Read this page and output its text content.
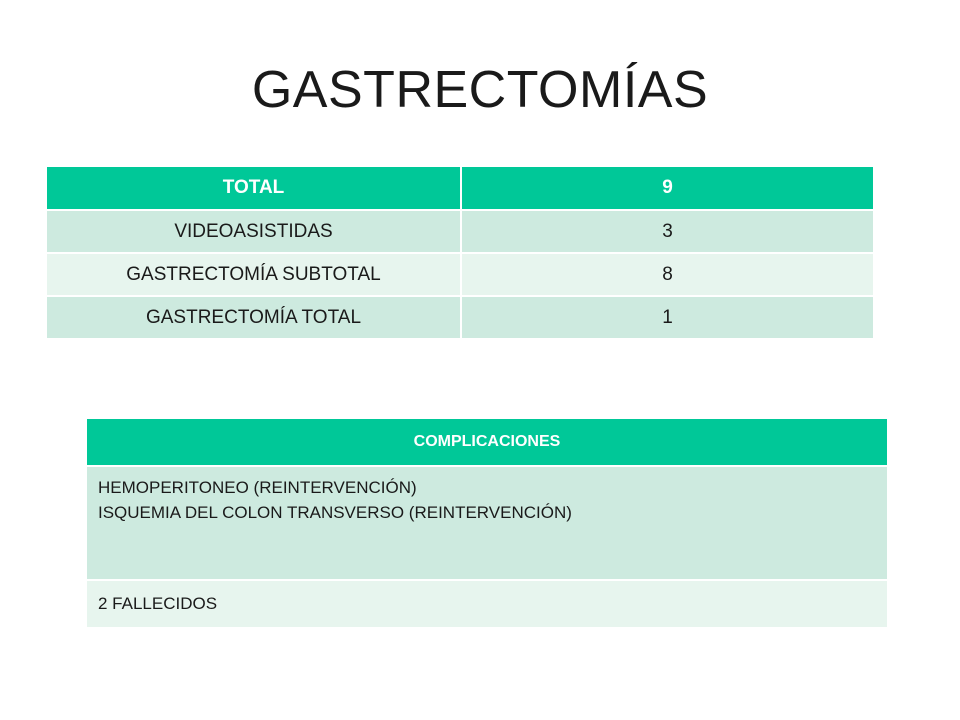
GASTRECTOMÍAS
TOTAL	9
VIDEOASISTIDAS	3
GASTRECTOMÍA SUBTOTAL	8
GASTRECTOMÍA TOTAL	1
COMPLICACIONES

HEMOPERITONEO (REINTERVENCIÓN)
ISQUEMIA DEL COLON TRANSVERSO (REINTERVENCIÓN)

2 FALLECIDOS
